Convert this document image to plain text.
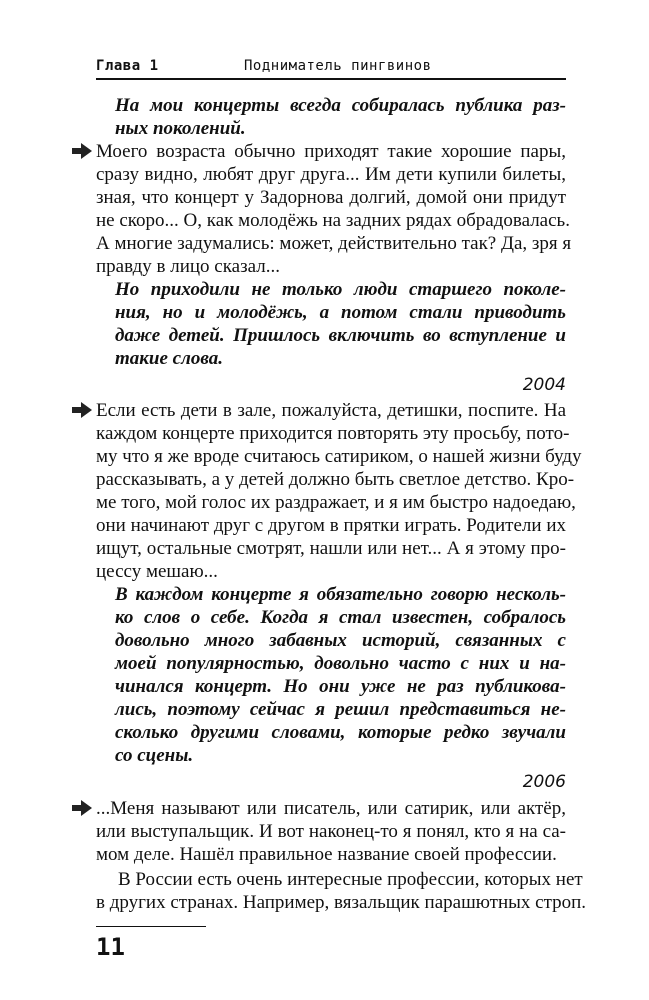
Глава 1	Подниматель пингвинов
На мои концерты всегда собиралась публика раз-
ных поколений.
Моего возраста обычно приходят такие хорошие пары,
сразу видно, любят друг друга... Им дети купили билеты,
зная, что концерт у Задорнова долгий, домой они придут
не скоро... О, как молодёжь на задних рядах обрадовалась.
А многие задумались: может, действительно так? Да, зря я
правду в лицо сказал...
Но приходили не только люди старшего поколе-
ния, но и молодёжь, а потом стали приводить
даже детей. Пришлось включить во вступление и
такие слова.
2004
Если есть дети в зале, пожалуйста, детишки, поспите. На
каждом концерте приходится повторять эту просьбу, пото-
му что я же вроде считаюсь сатириком, о нашей жизни буду
рассказывать, а у детей должно быть светлое детство. Кро-
ме того, мой голос их раздражает, и я им быстро надоедаю,
они начинают друг с другом в прятки играть. Родители их
ищут, остальные смотрят, нашли или нет... А я этому про-
цессу мешаю...
В каждом концерте я обязательно говорю несколь-
ко слов о себе. Когда я стал известен, собралось
довольно много забавных историй, связанных с
моей популярностью, довольно часто с них и на-
чинался концерт. Но они уже не раз публикова-
лись, поэтому сейчас я решил представиться не-
сколько другими словами, которые редко звучали
со сцены.
2006
...Меня называют или писатель, или сатирик, или актёр,
или выступальщик. И вот наконец-то я понял, кто я на са-
мом деле. Нашёл правильное название своей профессии.
В России есть очень интересные профессии, которых нет
в других странах. Например, вязальщик парашютных строп.
11
